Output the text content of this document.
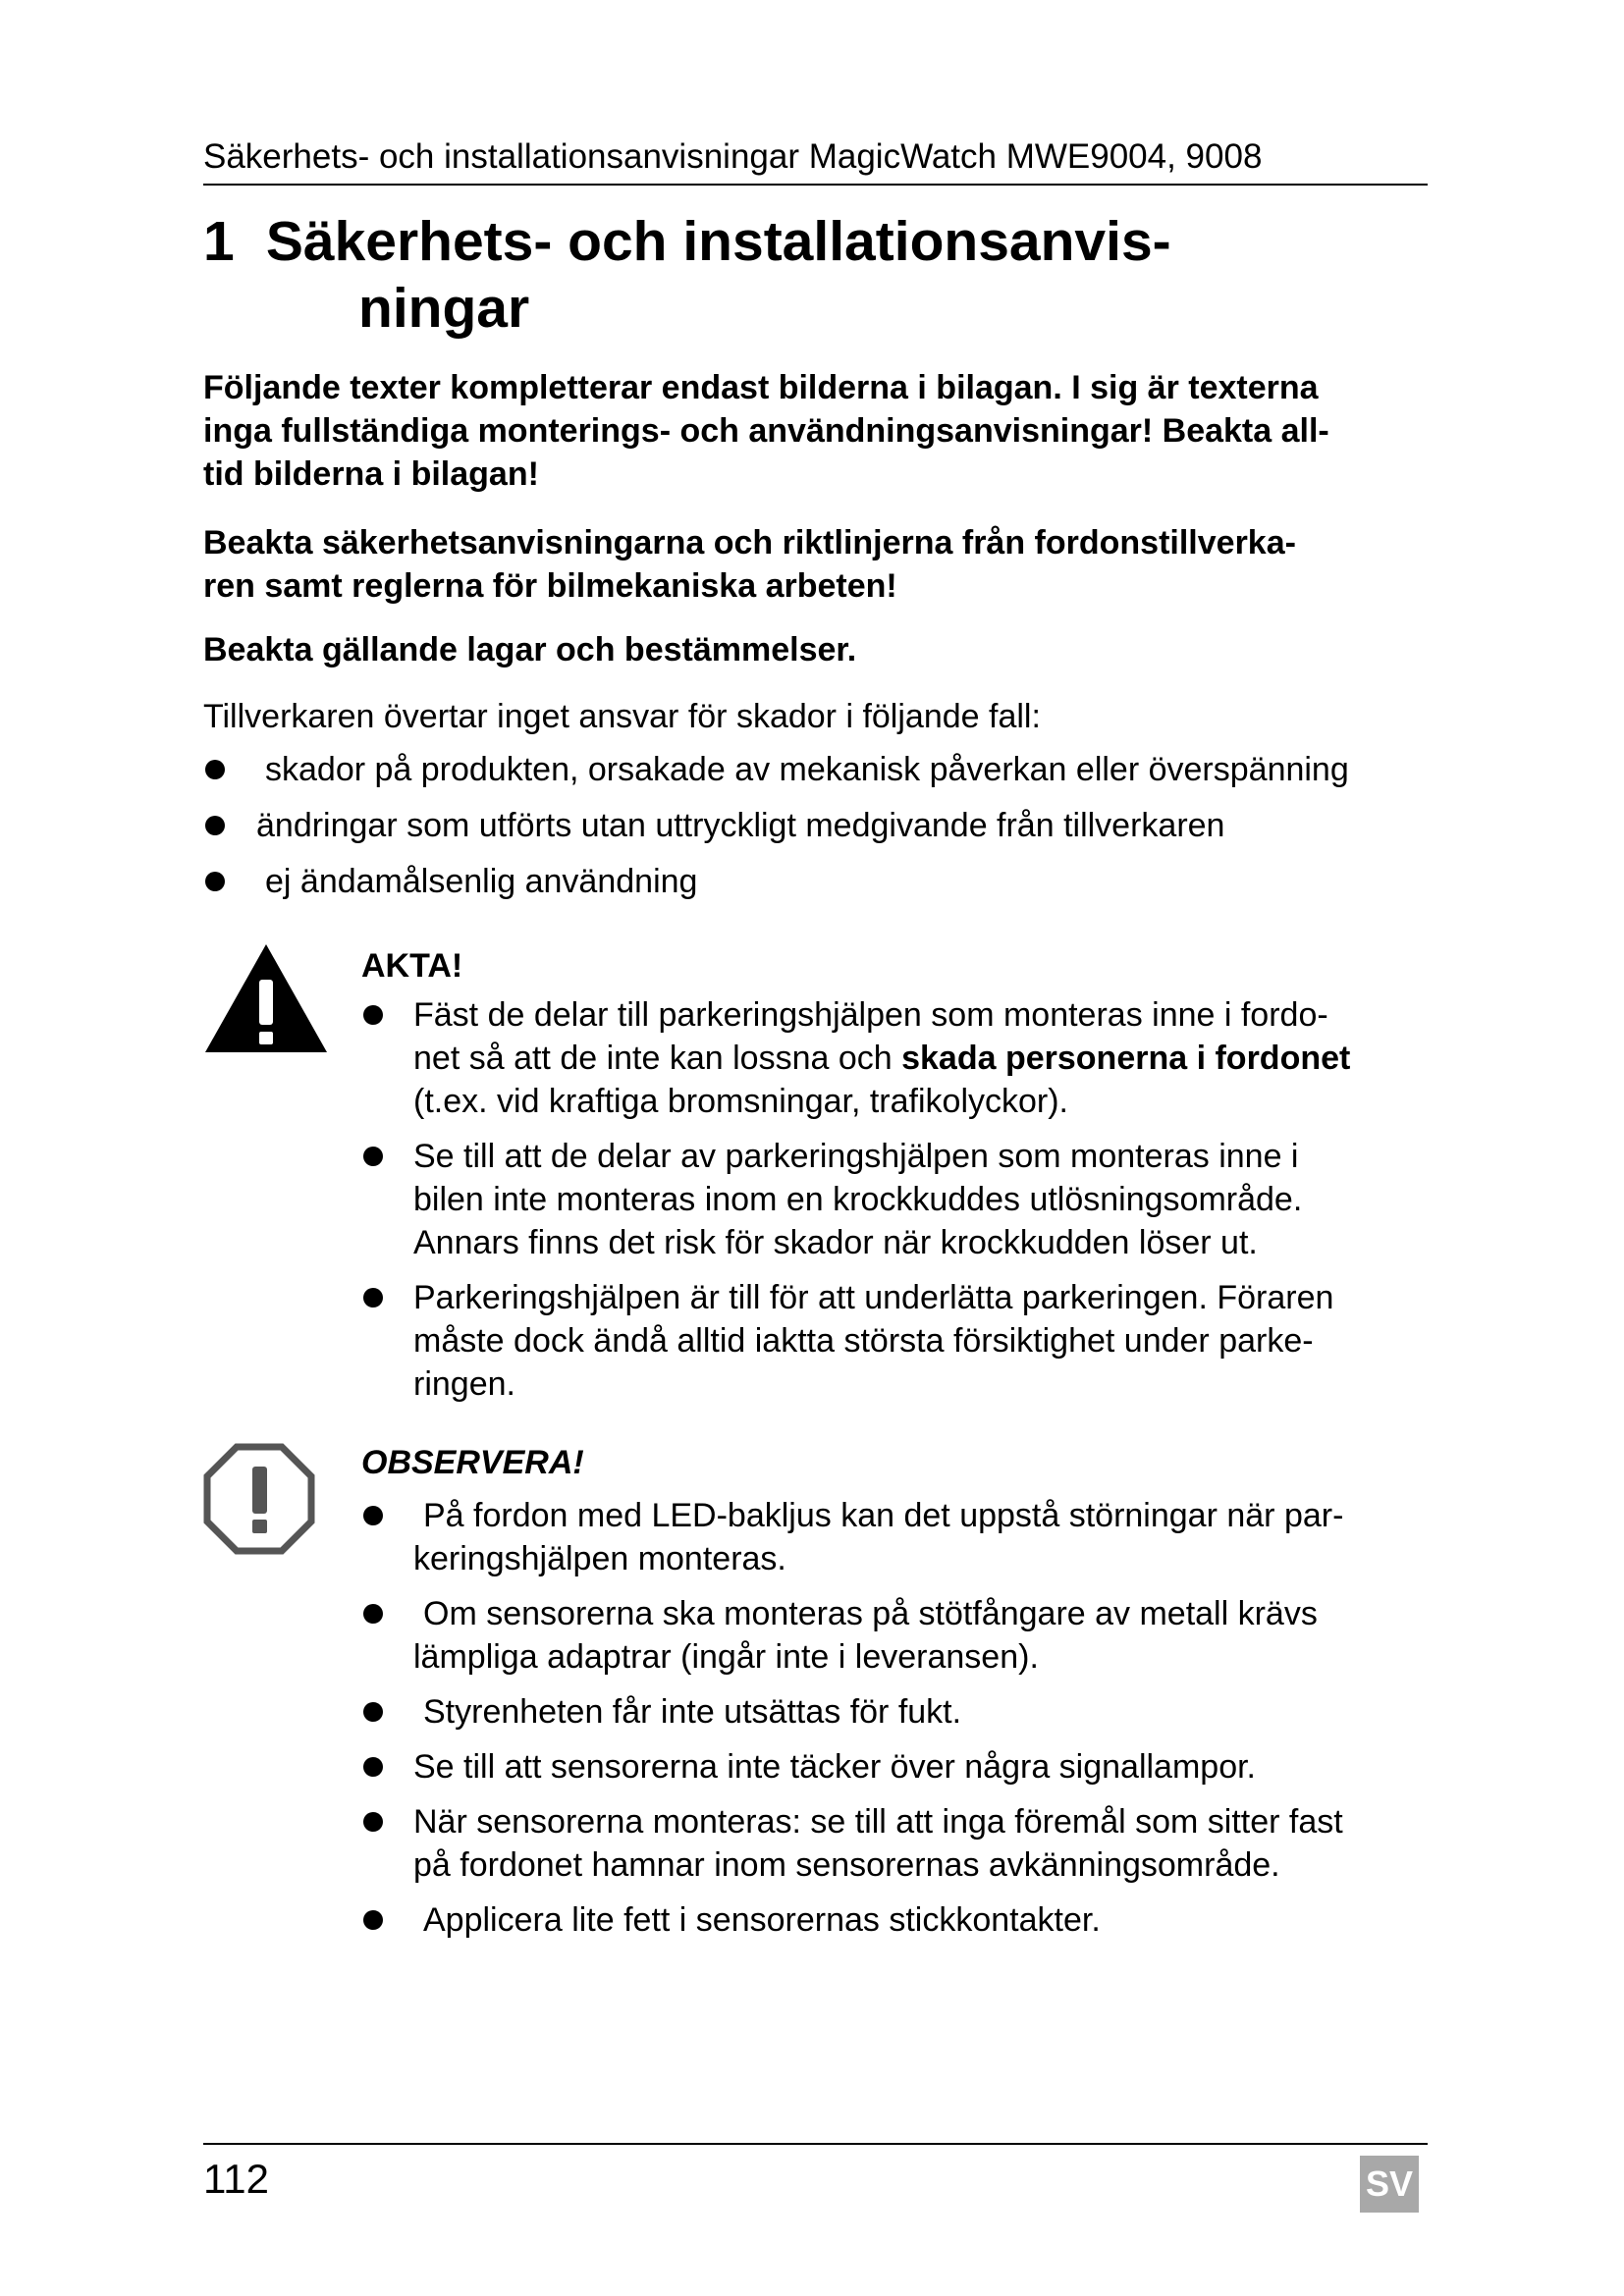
Säkerhets- och installationsanvisningar MagicWatch MWE9004, 9008
1 Säkerhets- och installationsanvis-
ningar
Följande texter kompletterar endast bilderna i bilagan. I sig är texterna
inga fullständiga monterings- och användningsanvisningar! Beakta all-
tid bilderna i bilagan!
Beakta säkerhetsanvisningarna och riktlinjerna från fordonstillverka-
ren samt reglerna för bilmekaniska arbeten!
Beakta gällande lagar och bestämmelser.
Tillverkaren övertar inget ansvar för skador i följande fall:
skador på produkten, orsakade av mekanisk påverkan eller överspänning
ändringar som utförts utan uttryckligt medgivande från tillverkaren
ej ändamålsenlig användning
AKTA!
Fäst de delar till parkeringshjälpen som monteras inne i fordo-
net så att de inte kan lossna och skada personerna i fordonet
(t.ex. vid kraftiga bromsningar, trafikolyckor).
Se till att de delar av parkeringshjälpen som monteras inne i
bilen inte monteras inom en krockkuddes utlösningsområde.
Annars finns det risk för skador när krockkudden löser ut.
Parkeringshjälpen är till för att underlätta parkeringen. Föraren
måste dock ändå alltid iaktta största försiktighet under parke-
ringen.
OBSERVERA!
På fordon med LED-bakljus kan det uppstå störningar när par-
keringshjälpen monteras.
Om sensorerna ska monteras på stötfångare av metall krävs
lämpliga adaptrar (ingår inte i leveransen).
Styrenheten får inte utsättas för fukt.
Se till att sensorerna inte täcker över några signallampor.
När sensorerna monteras: se till att inga föremål som sitter fast
på fordonet hamnar inom sensorernas avkänningsområde.
Applicera lite fett i sensorernas stickkontakter.
112	SV
